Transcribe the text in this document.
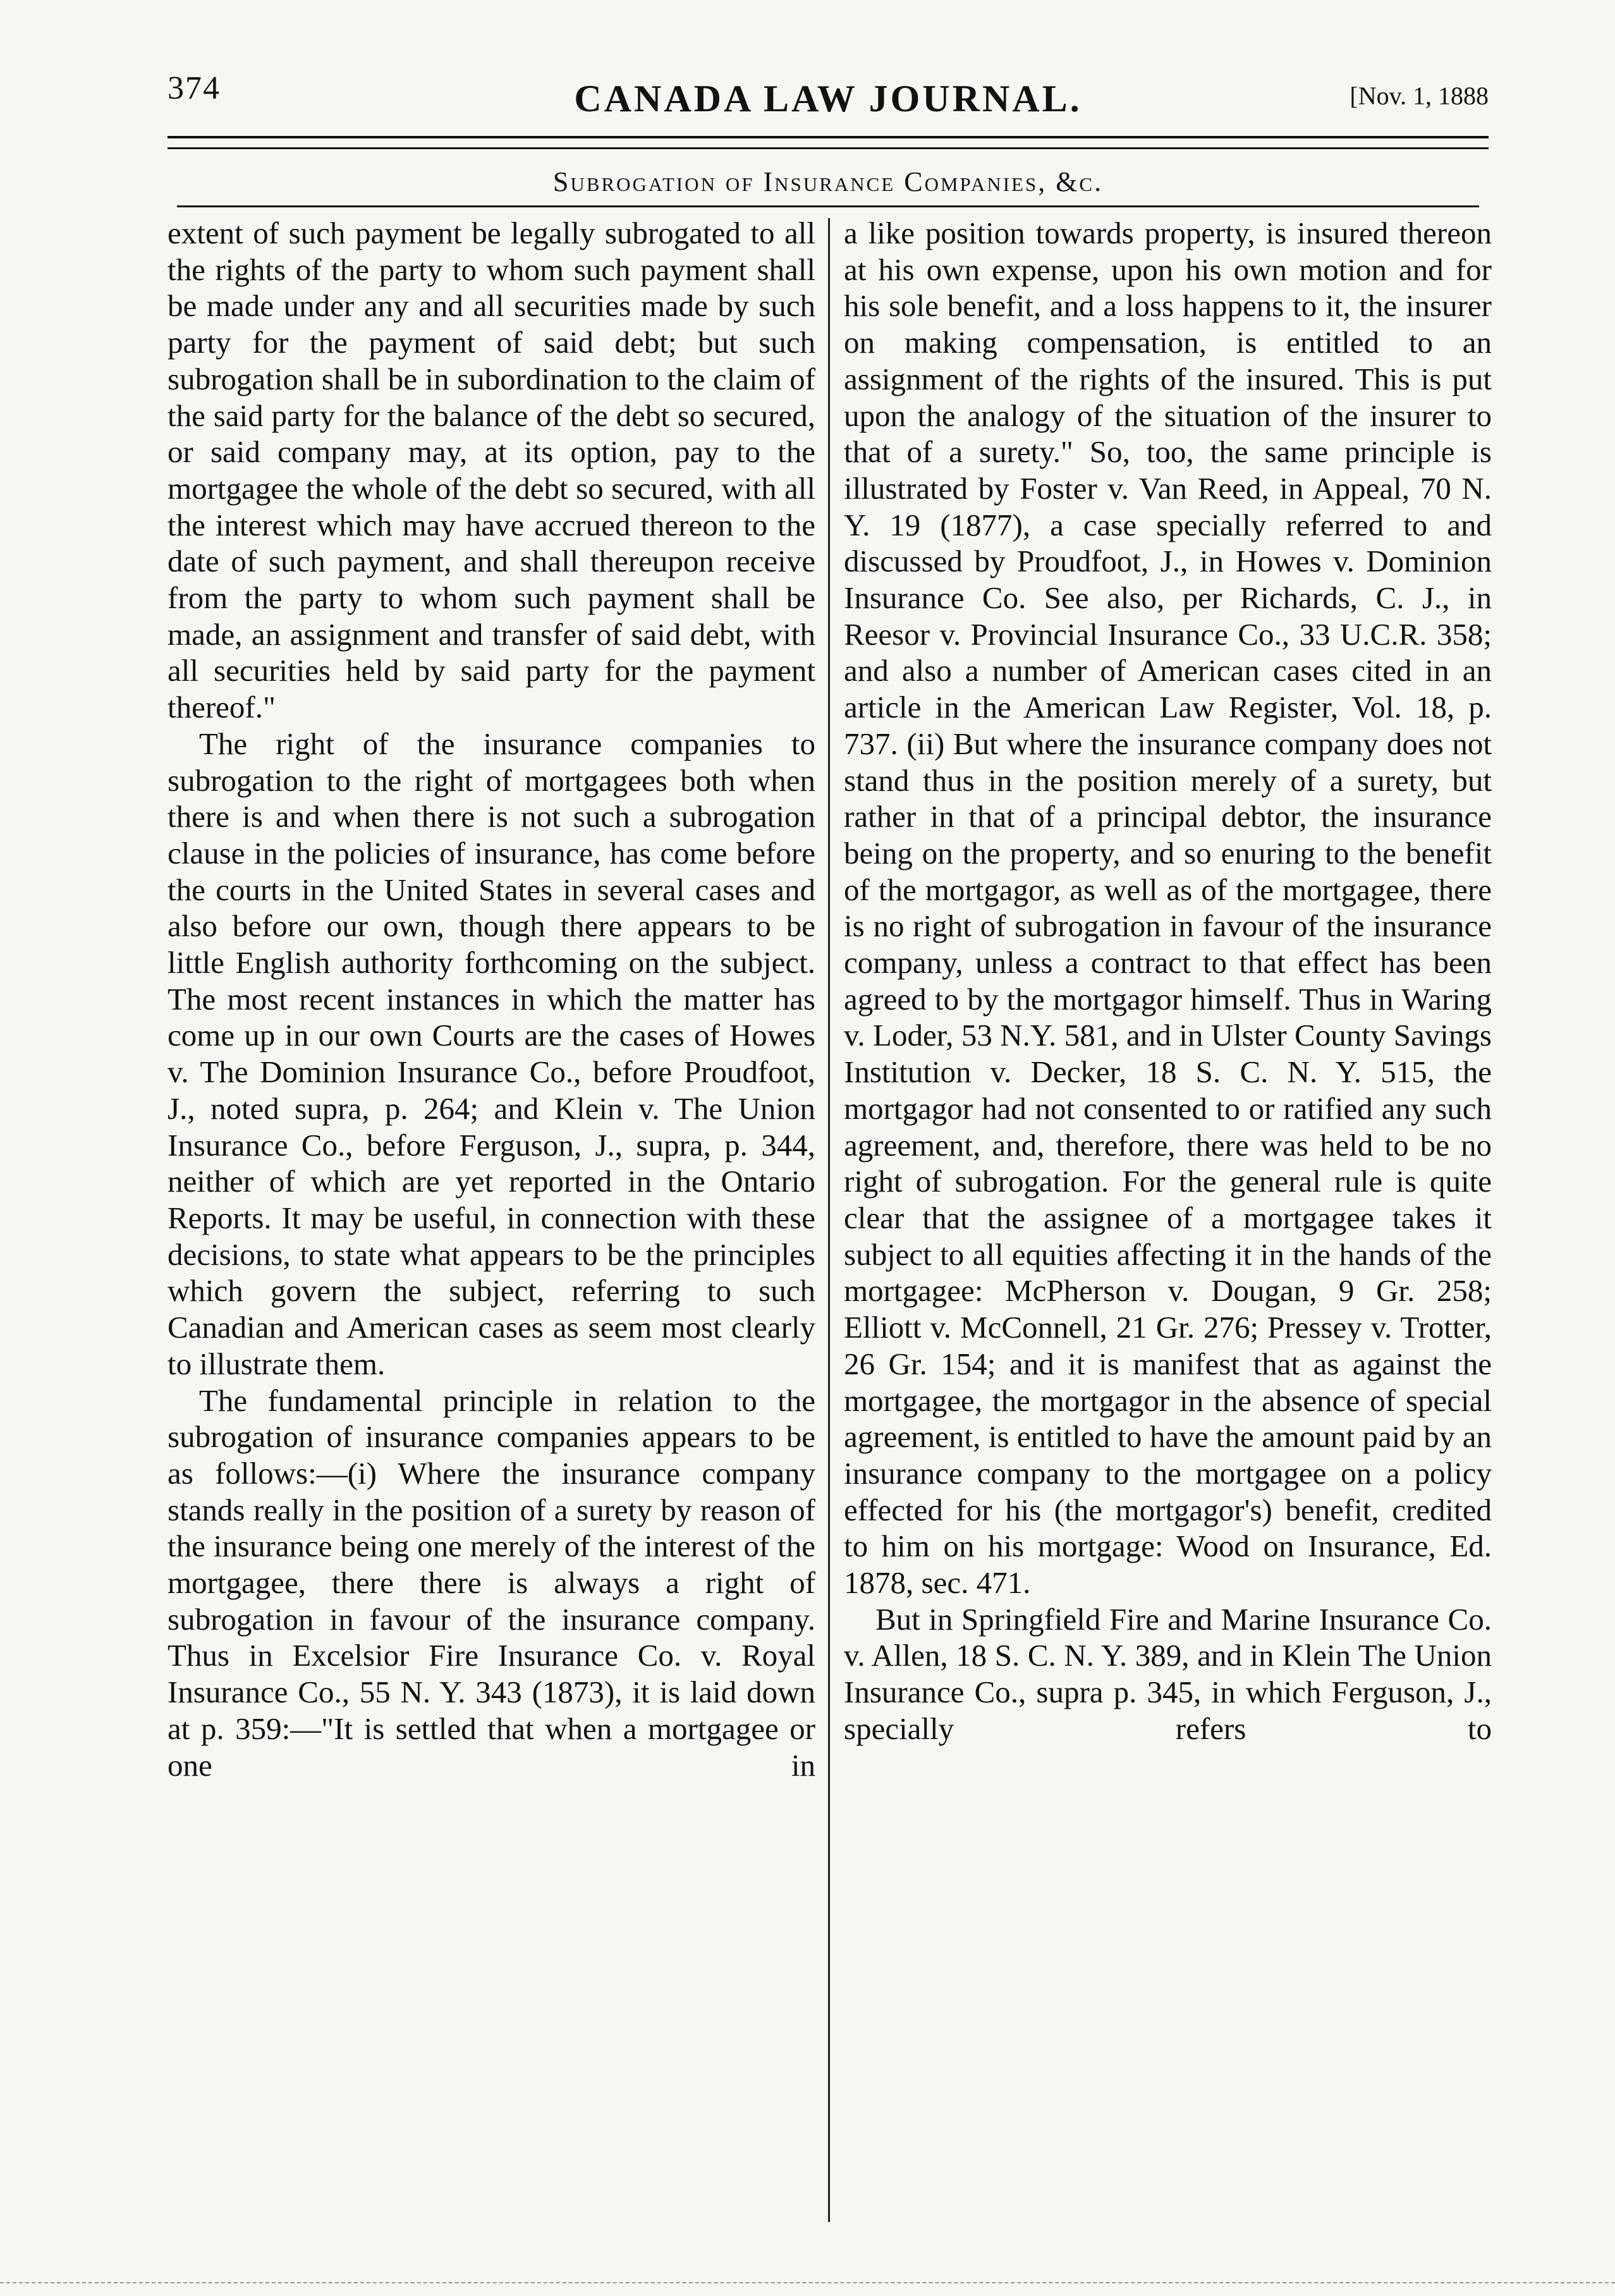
374	CANADA LAW JOURNAL.	[Nov. 1, 1888
Subrogation of Insurance Companies, &c.

extent of such payment be legally subrogated to all the rights of the party to whom such payment shall be made under any and all securities made by such party for the payment of said debt; but such subrogation shall be in subordination to the claim of the said party for the balance of the debt so secured, or said company may, at its option, pay to the mortgagee the whole of the debt so secured, with all the interest which may have accrued thereon to the date of such payment, and shall thereupon receive from the party to whom such payment shall be made, an assignment and transfer of said debt, with all securities held by said party for the payment thereof."

The right of the insurance companies to subrogation to the right of mortgagees both when there is and when there is not such a subrogation clause in the policies of insurance, has come before the courts in the United States in several cases and also before our own, though there appears to be little English authority forthcoming on the subject. The most recent instances in which the matter has come up in our own Courts are the cases of Howes v. The Dominion Insurance Co., before Proudfoot, J., noted supra, p. 264; and Klein v. The Union Insurance Co., before Ferguson, J., supra, p. 344, neither of which are yet reported in the Ontario Reports. It may be useful, in connection with these decisions, to state what appears to be the principles which govern the subject, referring to such Canadian and American cases as seem most clearly to illustrate them.

The fundamental principle in relation to the subrogation of insurance companies appears to be as follows:—(i) Where the insurance company stands really in the position of a surety by reason of the insurance being one merely of the interest of the mortgagee, there there is always a right of subrogation in favour of the insurance company. Thus in Excelsior Fire Insurance Co. v. Royal Insurance Co., 55 N. Y. 343 (1873), it is laid down at p. 359:—"It is settled that when a mortgagee or one in

a like position towards property, is insured thereon at his own expense, upon his own motion and for his sole benefit, and a loss happens to it, the insurer on making compensation, is entitled to an assignment of the rights of the insured. This is put upon the analogy of the situation of the insurer to that of a surety." So, too, the same principle is illustrated by Foster v. Van Reed, in Appeal, 70 N. Y. 19 (1877), a case specially referred to and discussed by Proudfoot, J., in Howes v. Dominion Insurance Co. See also, per Richards, C. J., in Reesor v. Provincial Insurance Co., 33 U.C.R. 358; and also a number of American cases cited in an article in the American Law Register, Vol. 18, p. 737. (ii) But where the insurance company does not stand thus in the position merely of a surety, but rather in that of a principal debtor, the insurance being on the property, and so enuring to the benefit of the mortgagor, as well as of the mortgagee, there is no right of subrogation in favour of the insurance company, unless a contract to that effect has been agreed to by the mortgagor himself. Thus in Waring v. Loder, 53 N.Y. 581, and in Ulster County Savings Institution v. Decker, 18 S. C. N. Y. 515, the mortgagor had not consented to or ratified any such agreement, and, therefore, there was held to be no right of subrogation. For the general rule is quite clear that the assignee of a mortgagee takes it subject to all equities affecting it in the hands of the mortgagee: McPherson v. Dougan, 9 Gr. 258; Elliott v. McConnell, 21 Gr. 276; Pressey v. Trotter, 26 Gr. 154; and it is manifest that as against the mortgagee, the mortgagor in the absence of special agreement, is entitled to have the amount paid by an insurance company to the mortgagee on a policy effected for his (the mortgagor's) benefit, credited to him on his mortgage: Wood on Insurance, Ed. 1878, sec. 471.

But in Springfield Fire and Marine Insurance Co. v. Allen, 18 S. C. N. Y. 389, and in Klein The Union Insurance Co., supra p. 345, in which Ferguson, J., specially refers to
